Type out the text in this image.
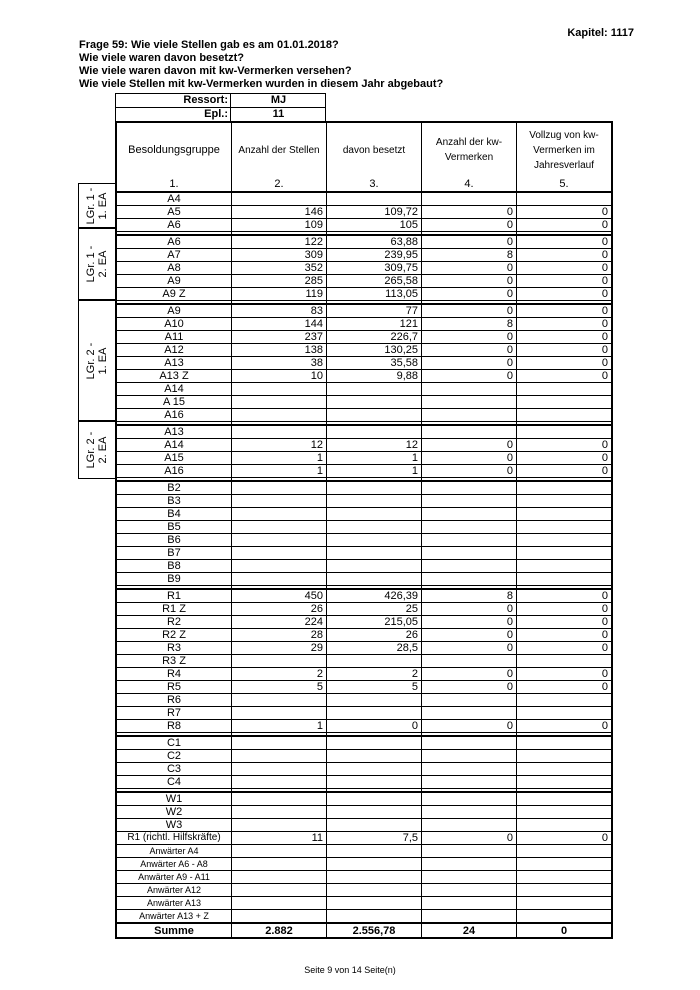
Kapitel: 1117
Frage 59: Wie viele Stellen gab es am 01.01.2018?
Wie viele waren davon besetzt?
Wie viele waren davon mit kw-Vermerken versehen?
Wie viele Stellen mit kw-Vermerken wurden in diesem Jahr abgebaut?
Ressort:	MJ
Epl.:	11
Besoldungsgruppe	Anzahl der Stellen	davon besetzt	Anzahl der kw-Vermerken	Vollzug von kw-Vermerken im Jahresverlauf
1.	2.	3.	4.	5.
A4				
A5	146	109,72	0	0
A6	109	105	0	0

A6	122	63,88	0	0
A7	309	239,95	8	0
A8	352	309,75	0	0
A9	285	265,58	0	0
A9 Z	119	113,05	0	0

A9	83	77	0	0
A10	144	121	8	0
A11	237	226,7	0	0
A12	138	130,25	0	0
A13	38	35,58	0	0
A13 Z	10	9,88	0	0
A14				
A 15				
A16				

A13				
A14	12	12	0	0
A15	1	1	0	0
A16	1	1	0	0

B2				
B3				
B4				
B5				
B6				
B7				
B8				
B9				

R1	450	426,39	8	0
R1 Z	26	25	0	0
R2	224	215,05	0	0
R2 Z	28	26	0	0
R3	29	28,5	0	0
R3 Z				
R4	2	2	0	0
R5	5	5	0	0
R6				
R7				
R8	1	0	0	0

C1				
C2				
C3				
C4				

W1				
W2				
W3				
R1 (richtl. Hilfskräfte)	11	7,5	0	0
Anwärter A4				
Anwärter A6 - A8				
Anwärter A9 - A11				
Anwärter A12				
Anwärter A13				
Anwärter A13 + Z				
Summe	2.882	2.556,78	24	0
LGr. 1 -
1. EA
LGr. 1 -
2. EA
LGr. 2 -
1. EA
LGr. 2 -
2. EA
Seite 9 von 14 Seite(n)
